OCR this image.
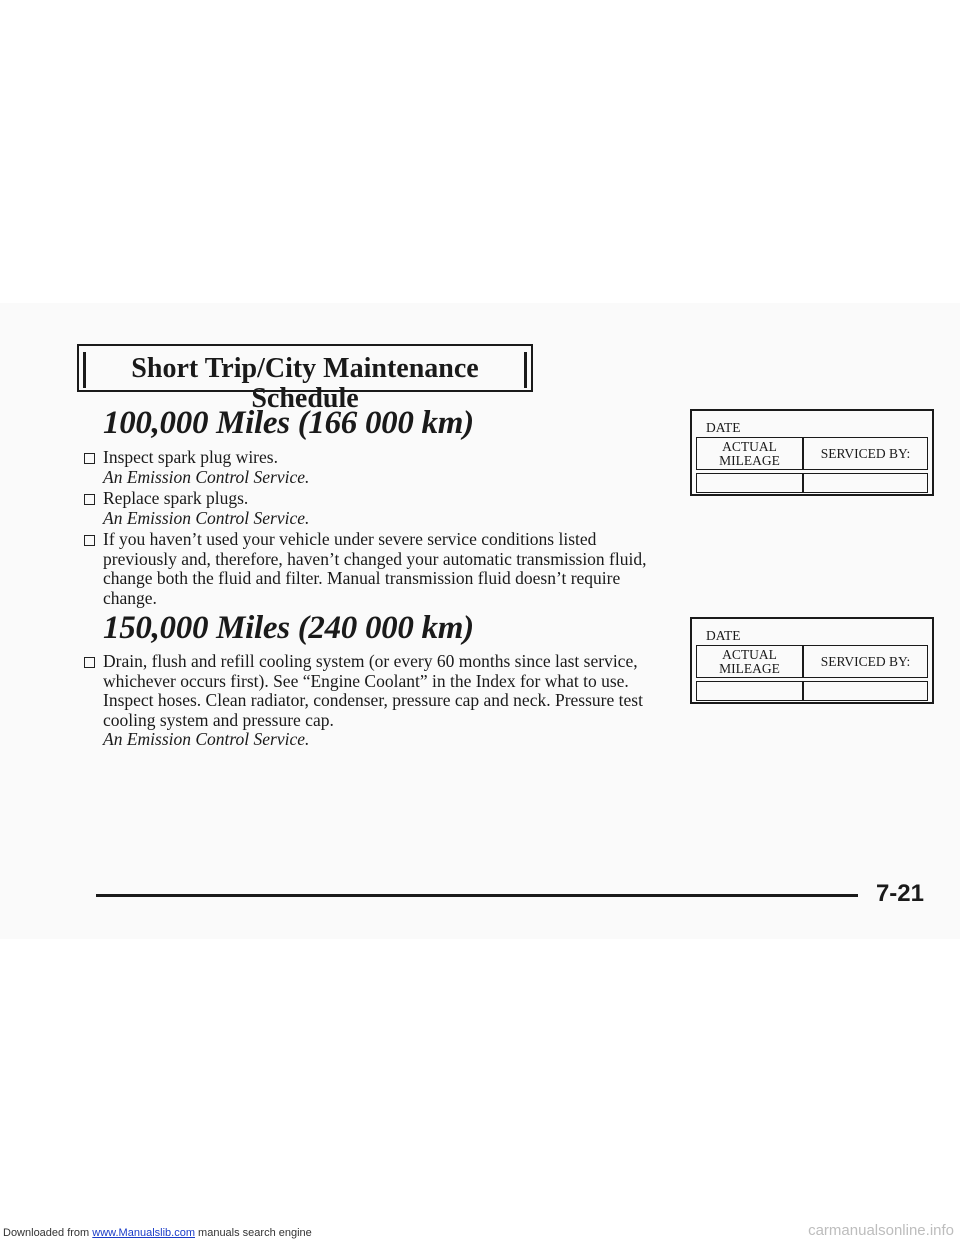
Short Trip/City Maintenance Schedule
100,000 Miles (166 000 km)
Inspect spark plug wires.
An Emission Control Service.
Replace spark plugs.
An Emission Control Service.
If you haven’t used your vehicle under severe service conditions listed previously and, therefore, haven’t changed your automatic transmission fluid, change both the fluid and filter. Manual transmission fluid doesn’t require change.
DATE
ACTUAL
MILEAGE	SERVICED BY:
150,000 Miles (240 000 km)
Drain, flush and refill cooling system (or every 60 months since last service, whichever occurs first). See “Engine Coolant” in the Index for what to use. Inspect hoses. Clean radiator, condenser, pressure cap and neck. Pressure test cooling system and pressure cap.
An Emission Control Service.
DATE
ACTUAL
MILEAGE	SERVICED BY:
7-21
Downloaded from www.Manualslib.com manuals search engine	carmanualsonline.info
